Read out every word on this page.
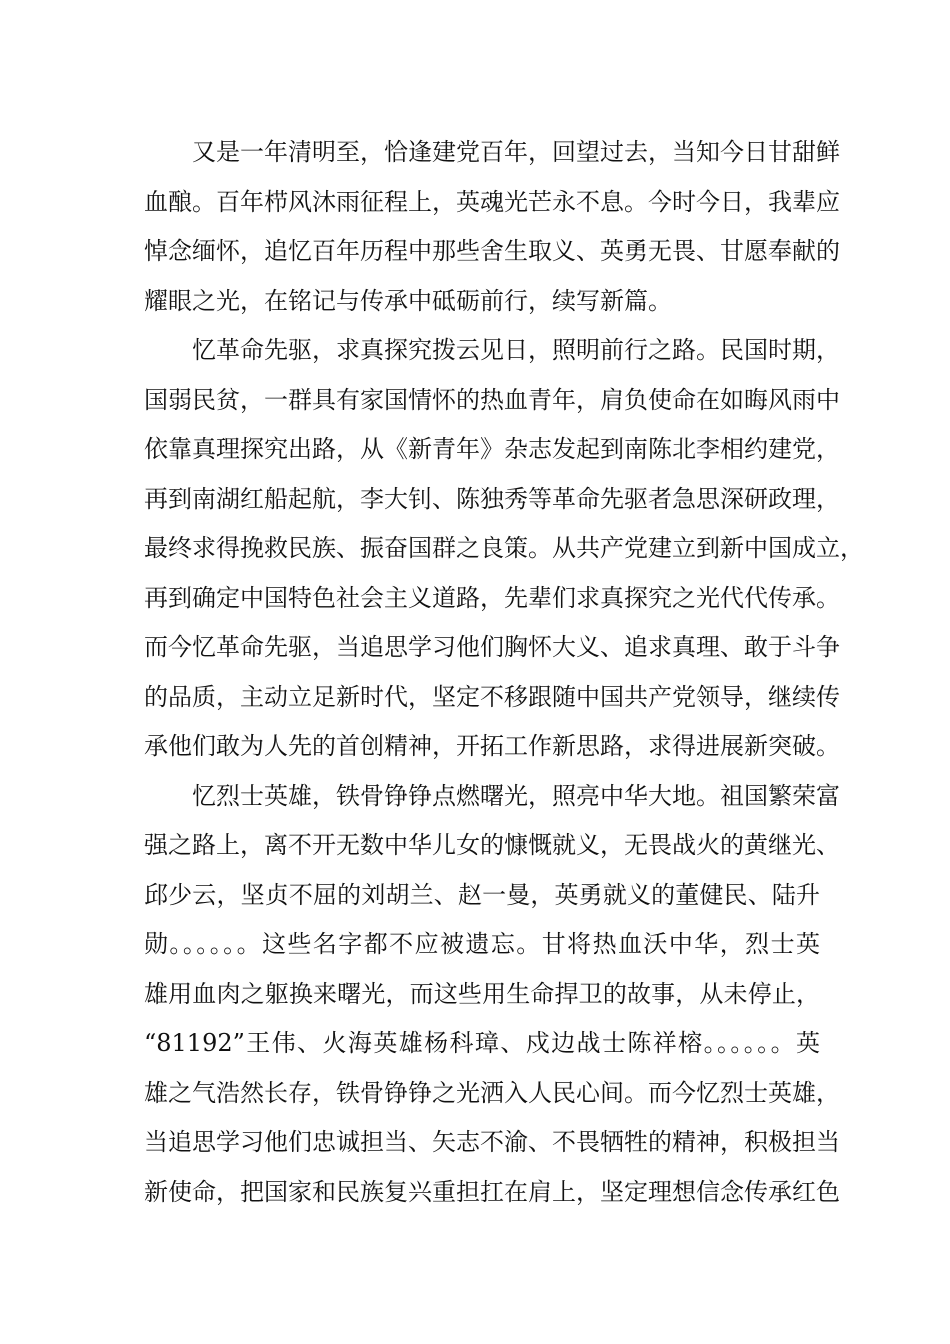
又是一年清明至，恰逢建党百年，回望过去，当知今日甘甜鲜
血酿。百年栉风沐雨征程上，英魂光芒永不息。今时今日，我辈应
悼念缅怀，追忆百年历程中那些舍生取义、英勇无畏、甘愿奉献的
耀眼之光，在铭记与传承中砥砺前行，续写新篇。
忆革命先驱，求真探究拨云见日，照明前行之路。民国时期，
国弱民贫，一群具有家国情怀的热血青年，肩负使命在如晦风雨中
依靠真理探究出路，从《新青年》杂志发起到南陈北李相约建党，
再到南湖红船起航，李大钊、陈独秀等革命先驱者急思深研政理，
最终求得挽救民族、振奋国群之良策。从共产党建立到新中国成立，
再到确定中国特色社会主义道路，先辈们求真探究之光代代传承。
而今忆革命先驱，当追思学习他们胸怀大义、追求真理、敢于斗争
的品质，主动立足新时代，坚定不移跟随中国共产党领导，继续传
承他们敢为人先的首创精神，开拓工作新思路，求得进展新突破。
忆烈士英雄，铁骨铮铮点燃曙光，照亮中华大地。祖国繁荣富
强之路上，离不开无数中华儿女的慷慨就义，无畏战火的黄继光、
邱少云，坚贞不屈的刘胡兰、赵一曼，英勇就义的董健民、陆升
勋。。。。。。这些名字都不应被遗忘。甘将热血沃中华，烈士英
雄用血肉之躯换来曙光，而这些用生命捍卫的故事，从未停止，
“81192”王伟、火海英雄杨科璋、戍边战士陈祥榕。。。。。。英
雄之气浩然长存，铁骨铮铮之光洒入人民心间。而今忆烈士英雄，
当追思学习他们忠诚担当、矢志不渝、不畏牺牲的精神，积极担当
新使命，把国家和民族复兴重担扛在肩上，坚定理想信念传承红色
